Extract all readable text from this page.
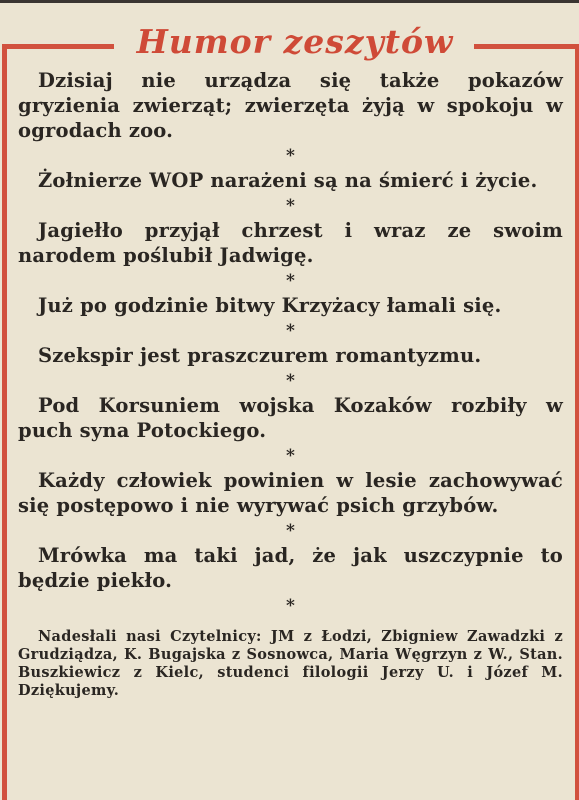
Humor zeszytów

Dzisiaj nie urządza się także pokazów gryzienia zwierząt; zwierzęta żyją w spokoju w ogrodach zoo.

*

Żołnierze WOP narażeni są na śmierć i życie.

*

Jagiełło przyjął chrzest i wraz ze swoim narodem poślubił Jadwigę.

*

Już po godzinie bitwy Krzyżacy łamali się.

*

Szekspir jest praszczurem romantyzmu.

*

Pod Korsuniem wojska Kozaków rozbiły w puch syna Potockiego.

*

Każdy człowiek powinien w lesie zachowywać się postępowo i nie wyrywać psich grzybów.

*

Mrówka ma taki jad, że jak uszczypnie to będzie piekło.

*

Nadesłali nasi Czytelnicy: JM z Łodzi, Zbigniew Zawadzki z Grudziądza, K. Bugajska z Sosnowca, Maria Węgrzyn z W., Stan. Buszkiewicz z Kielc, studenci filologii Jerzy U. i Józef M. Dziękujemy.
